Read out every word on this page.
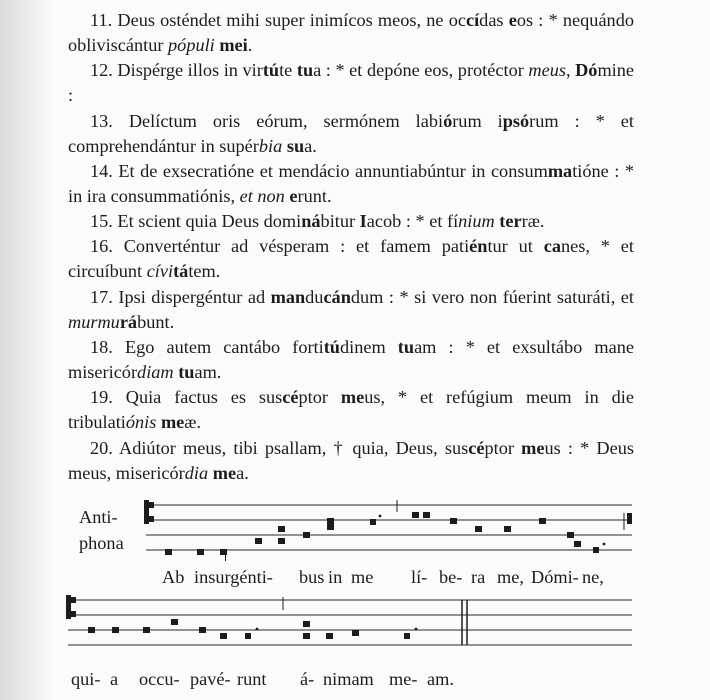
11. Deus osténdet mihi super inimícos meos, ne occídas eos : * nequándo obliviscántur pópuli mei.

12. Dispérge illos in virtúte tua : * et depóne eos, protéctor meus, Dómine :

13. Delíctum oris eórum, sermónem labiórum ipsórum : * et comprehendántur in supérbia sua.

14. Et de exsecratióne et mendácio annuntiabúntur in consummatióne : * in ira consummatiónis, et non erunt.

15. Et scient quia Deus dominábitur Iacob : * et fínium terræ.

16. Converténtur ad vésperam : et famem patiéntur ut canes, * et circuíbunt cívitátem.

17. Ipsi dispergéntur ad manducándum : * si vero non fúerint saturáti, et murmurábunt.

18. Ego autem cantábo fortitúdinem tuam : * et exsultábo mane misericórdiam tuam.

19. Quia factus es suscéptor meus, * et refúgium meum in die tribulatiónis meæ.

20. Adiútor meus, tibi psallam, † quia, Deus, suscéptor meus : * Deus meus, misericórdia mea.

Anti-
phona
Ab insurgénti- bus in me lí- be- ra me, Dómi- ne,
qui- a occu- pavé- runt á- nimam me- am.
